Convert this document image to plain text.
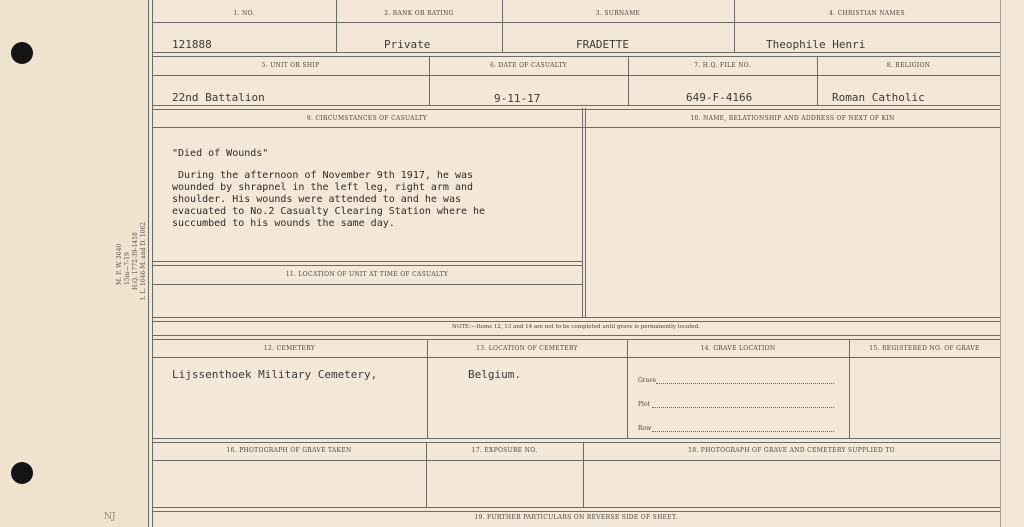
M. F. W. 3640 15m—7-19 H.Q. 1772-39-1418 I. L. 1646-M. and D. 1062
NJ
1. NO.	2. RANK OR RATING	3. SURNAME	4. CHRISTIAN NAMES
121888	Private	FRADETTE	Theophile Henri
5. UNIT OR SHIP	6. DATE OF CASUALTY	7. H.Q. FILE NO.	8. RELIGION
22nd Battalion	9-11-17	649-F-4166	Roman Catholic
9. CIRCUMSTANCES OF CASUALTY	10. NAME, RELATIONSHIP AND ADDRESS OF NEXT OF KIN
"Died of Wounds"
During the afternoon of November 9th 1917, he was
wounded by shrapnel in the left leg, right arm and
shoulder. His wounds were attended to and he was
evacuated to No.2 Casualty Clearing Station where he
succumbed to his wounds the same day.
11. LOCATION OF UNIT AT TIME OF CASUALTY
NOTE:—Items 12, 13 and 14 are not to be completed until grave is permanently located.
12. CEMETERY	13. LOCATION OF CEMETERY	14. GRAVE LOCATION	15. REGISTERED NO. OF GRAVE
Lijssenthoek Military Cemetery,	Belgium.	Grave
Plot
Row
16. PHOTOGRAPH OF GRAVE TAKEN	17. EXPOSURE NO.	18. PHOTOGRAPH OF GRAVE AND CEMETERY SUPPLIED TO
19. FURTHER PARTICULARS ON REVERSE SIDE OF SHEET.
